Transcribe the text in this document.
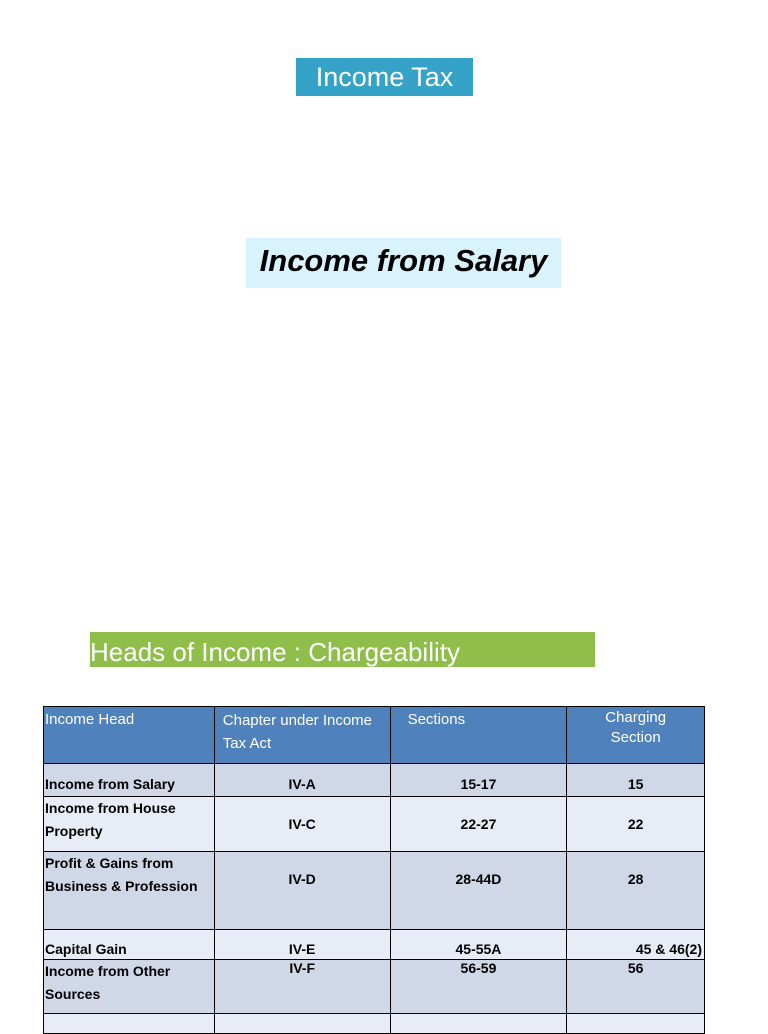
Income Tax
Income from Salary
Heads of Income : Chargeability
Income Head	Chapter under Income Tax Act	Sections	Charging Section
Income from Salary	IV-A	15-17	15
Income from House Property	IV-C	22-27	22
Profit & Gains from Business & Profession	IV-D	28-44D	28
Capital Gain	IV-E	45-55A	45 & 46(2)
Income from Other Sources	IV-F	56-59	56
